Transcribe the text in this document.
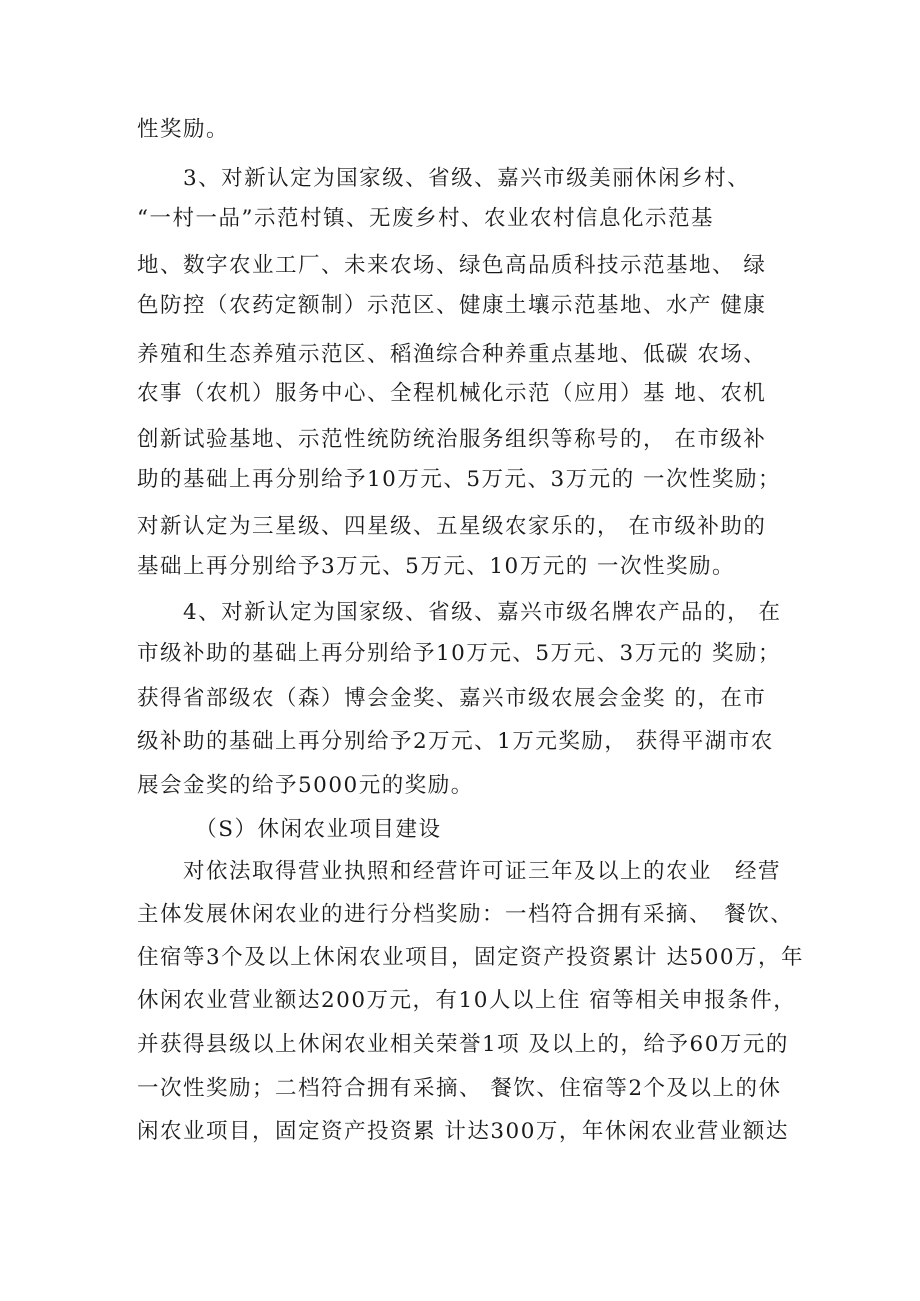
性奖励。
　　3、对新认定为国家级、省级、嘉兴市级美丽休闲乡村、
“一村一品”示范村镇、无废乡村、农业农村信息化示范基
地、数字农业工厂、未来农场、绿色高品质科技示范基地、 绿
色防控（农药定额制）示范区、健康土壤示范基地、水产 健康
养殖和生态养殖示范区、稻渔综合种养重点基地、低碳 农场、
农事（农机）服务中心、全程机械化示范（应用）基 地、农机
创新试验基地、示范性统防统治服务组织等称号的， 在市级补
助的基础上再分别给予10万元、5万元、3万元的 一次性奖励；
对新认定为三星级、四星级、五星级农家乐的， 在市级补助的
基础上再分别给予3万元、5万元、10万元的 一次性奖励。
　　4、对新认定为国家级、省级、嘉兴市级名牌农产品的， 在
市级补助的基础上再分别给予10万元、5万元、3万元的 奖励；
获得省部级农（森）博会金奖、嘉兴市级农展会金奖 的，在市
级补助的基础上再分别给予2万元、1万元奖励， 获得平湖市农
展会金奖的给予5000元的奖励。
　　　（S）休闲农业项目建设
　　对依法取得营业执照和经营许可证三年及以上的农业　经营
主体发展休闲农业的进行分档奖励：一档符合拥有采摘、　餐饮、
住宿等3个及以上休闲农业项目，固定资产投资累计 达500万，年
休闲农业营业额达200万元，有10人以上住 宿等相关申报条件，
并获得县级以上休闲农业相关荣誉1项 及以上的，给予60万元的
一次性奖励；二档符合拥有采摘、 餐饮、住宿等2个及以上的休
闲农业项目，固定资产投资累 计达300万，年休闲农业营业额达
